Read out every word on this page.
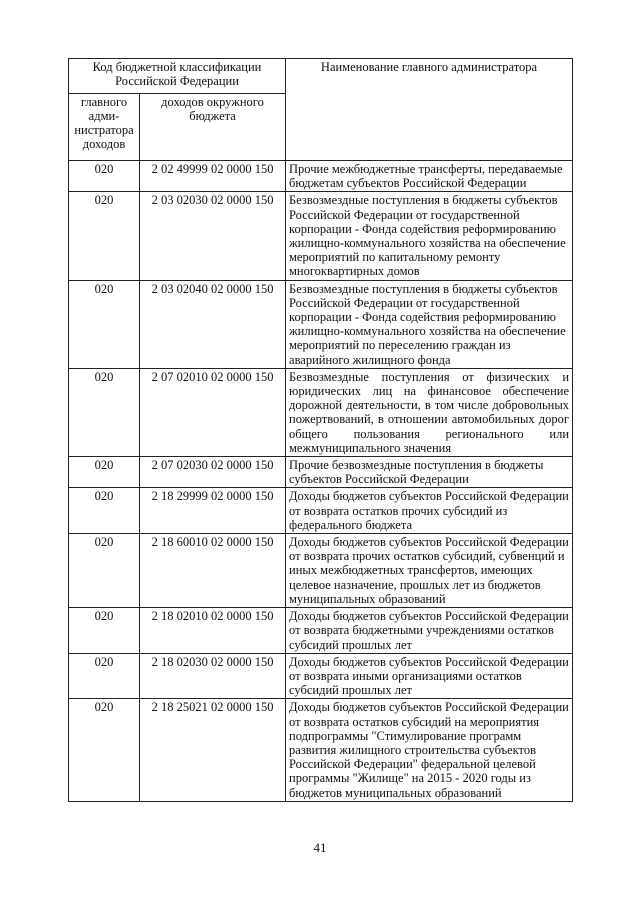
Код бюджетной классификации Российской Федерации		Наименование главного администратора
главного адми- нистратора доходов	доходов окружного бюджета	
020	2 02 49999 02 0000 150	Прочие межбюджетные трансферты, передаваемые бюджетам субъектов Российской Федерации
020	2 03 02030 02 0000 150	Безвозмездные поступления в бюджеты субъектов Российской Федерации от государственной корпорации - Фонда содействия реформированию жилищно-коммунального хозяйства на обеспечение мероприятий по капитальному ремонту многоквартирных домов
020	2 03 02040 02 0000 150	Безвозмездные поступления в бюджеты субъектов Российской Федерации от государственной корпорации - Фонда содействия реформированию жилищно-коммунального хозяйства на обеспечение мероприятий по переселению граждан из аварийного жилищного фонда
020	2 07 02010 02 0000 150	Безвозмездные поступления от физических и юридических лиц на финансовое обеспечение дорожной деятельности, в том числе добровольных пожертвований, в отношении автомобильных дорог общего пользования регионального или межмуниципального значения
020	2 07 02030 02 0000 150	Прочие безвозмездные поступления в бюджеты субъектов Российской Федерации
020	2 18 29999 02 0000 150	Доходы бюджетов субъектов Российской Федерации от возврата остатков прочих субсидий из федерального бюджета
020	2 18 60010 02 0000 150	Доходы бюджетов субъектов Российской Федерации от возврата прочих остатков субсидий, субвенций и иных межбюджетных трансфертов, имеющих целевое назначение, прошлых лет из бюджетов муниципальных образований
020	2 18 02010 02 0000 150	Доходы бюджетов субъектов Российской Федерации от возврата бюджетными учреждениями остатков субсидий прошлых лет
020	2 18 02030 02 0000 150	Доходы бюджетов субъектов Российской Федерации от возврата иными организациями остатков субсидий прошлых лет
020	2 18 25021 02 0000 150	Доходы бюджетов субъектов Российской Федерации от возврата остатков субсидий на мероприятия подпрограммы "Стимулирование программ развития жилищного строительства субъектов Российской Федерации" федеральной целевой программы "Жилище" на 2015 - 2020 годы из бюджетов муниципальных образований
41
